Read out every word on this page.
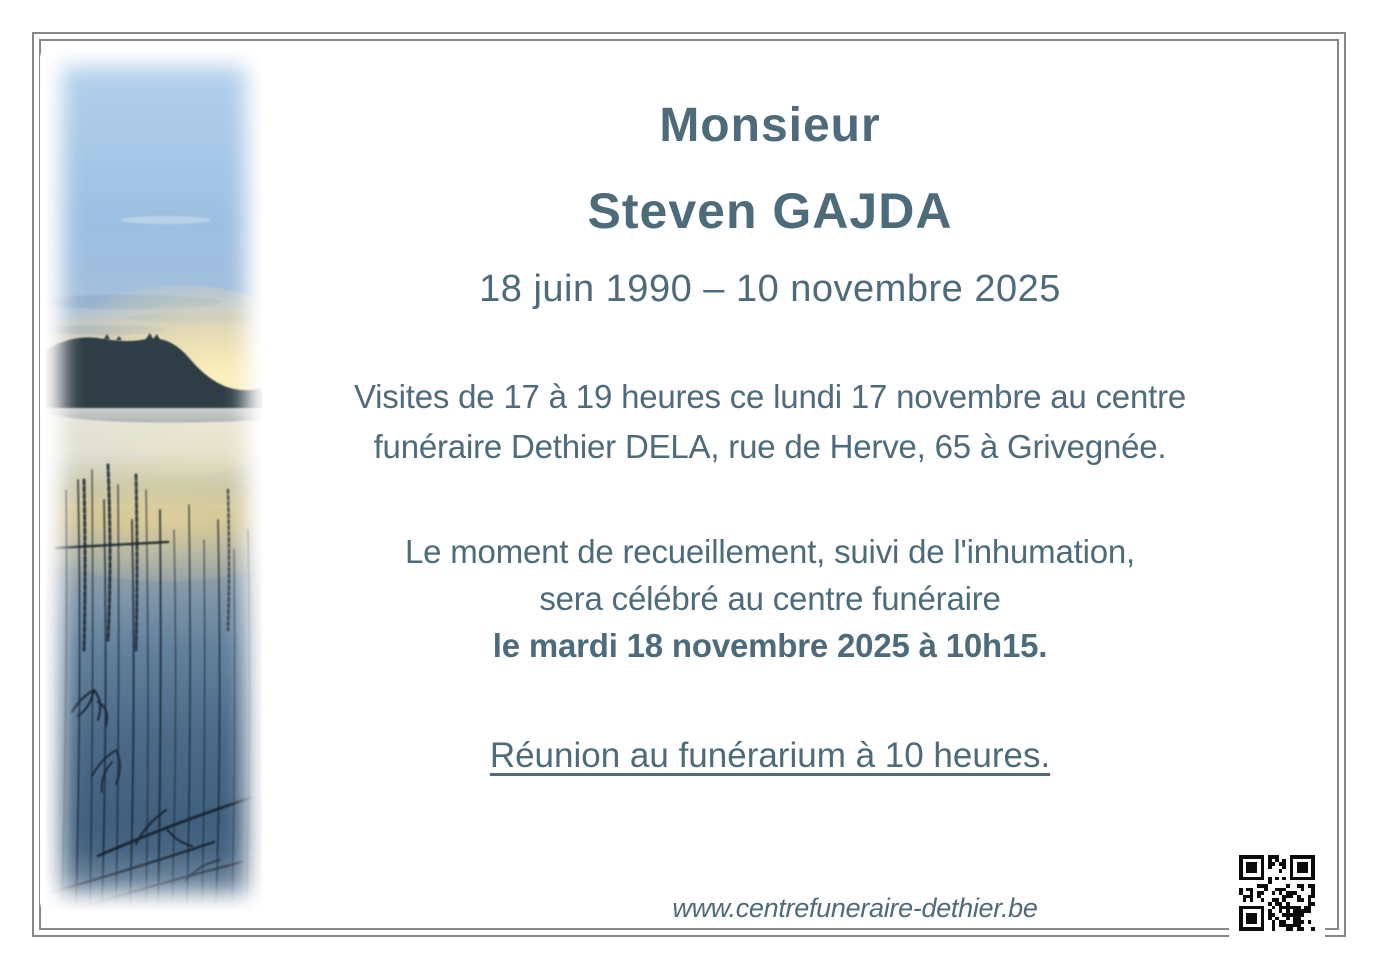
Monsieur
Steven GAJDA
18 juin 1990 – 10 novembre 2025
Visites de 17 à 19 heures ce lundi 17 novembre au centre
funéraire Dethier DELA, rue de Herve, 65 à Grivegnée.
Le moment de recueillement, suivi de l'inhumation,
sera célébré au centre funéraire
le mardi 18 novembre 2025 à 10h15.
Réunion au funérarium à 10 heures.
www.centrefuneraire-dethier.be
